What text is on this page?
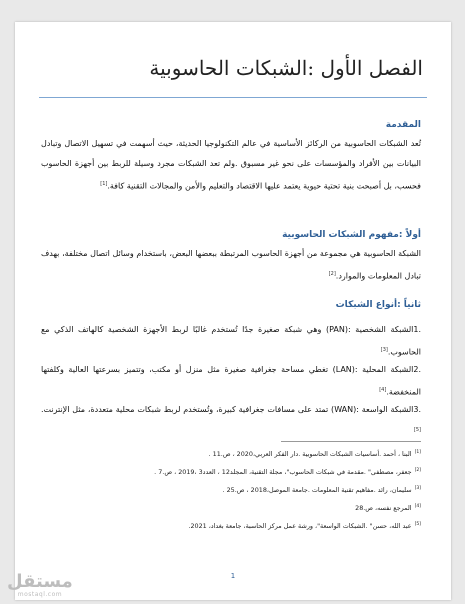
الفصل الأول :الشبكات الحاسوبية
المقدمة

تُعد الشبكات الحاسوبية من الركائز الأساسية في عالم التكنولوجيا الحديثة، حيث أسهمت في تسهيل الاتصال وتبادل البيانات بين الأفراد والمؤسسات على نحو غير مسبوق .ولم تعد الشبكات مجرد وسيلة للربط بين أجهزة الحاسوب فحسب، بل أصبحت بنية تحتية حيوية يعتمد عليها الاقتصاد والتعليم والأمن والمجالات التقنية كافة.[1]

أولاً :مفهوم الشبكات الحاسوبية

الشبكة الحاسوبية هي مجموعة من أجهزة الحاسوب المرتبطة ببعضها البعض، باستخدام وسائل اتصال مختلفة، بهدف تبادل المعلومات والموارد.[2]

ثانياً :أنواع الشبكات

.1الشبكة الشخصية :(PAN) وهي شبكة صغيرة جدًا تُستخدم غالبًا لربط الأجهزة الشخصية كالهاتف الذكي مع الحاسوب.[3]

.2الشبكة المحلية :(LAN) تغطي مساحة جغرافية صغيرة مثل منزل أو مكتب، وتتميز بسرعتها العالية وكلفتها المنخفضة.[4]

.3الشبكة الواسعة :(WAN) تمتد على مسافات جغرافية كبيرة، وتُستخدم لربط شبكات محلية متعددة، مثل الإنترنت.[5]

[1]البنا ، أحمد .أساسيات الشبكات الحاسوبية .دار الفكر العربي،2020 ، ص.11 .

[2]جعفر، مصطفى" .مقدمة في شبكات الحاسوب"، مجلة التقنية، المجلد12 ، العدد3 ،2019 ، ص.7 .

[3]سليمان، رائد .مفاهيم تقنية المعلومات .جامعة الموصل،2018 ، ص.25 .

[4]المرجع نفسه، ص.28

[5]عبد الله، حسن" .الشبكات الواسعة"، ورشة عمل مركز الحاسبة، جامعة بغداد، 2021.

1
مستقل
mostaql.com
